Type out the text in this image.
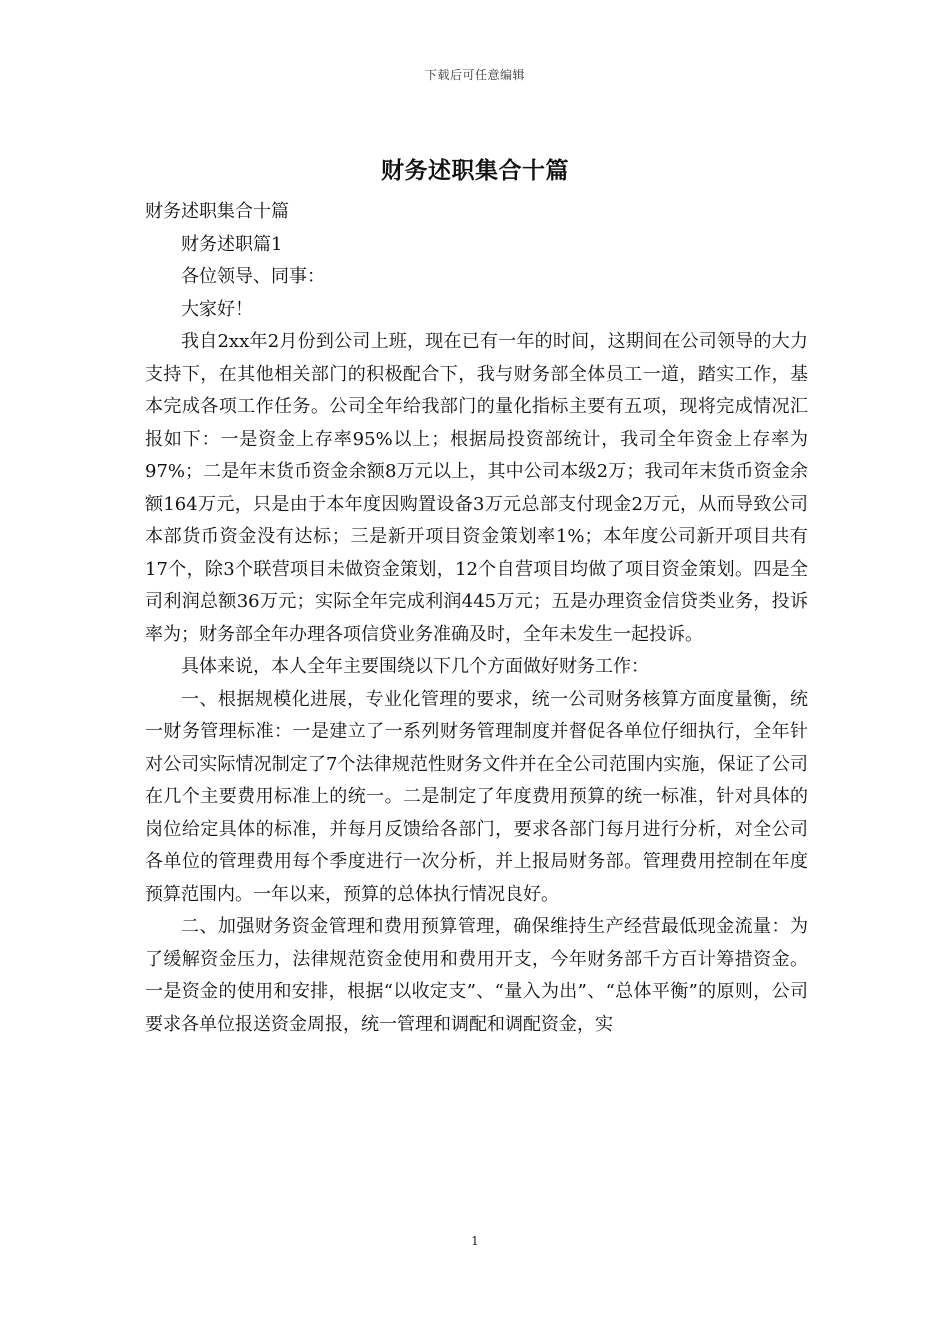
下载后可任意编辑
财务述职集合十篇

财务述职集合十篇

财务述职篇1

各位领导、同事：

大家好！

我自2xx年2月份到公司上班，现在已有一年的时间，这期间在公司领导的大力支持下，在其他相关部门的积极配合下，我与财务部全体员工一道，踏实工作，基本完成各项工作任务。公司全年给我部门的量化指标主要有五项，现将完成情况汇报如下：一是资金上存率95%以上；根据局投资部统计，我司全年资金上存率为97%；二是年末货币资金余额8万元以上，其中公司本级2万；我司年末货币资金余额164万元，只是由于本年度因购置设备3万元总部支付现金2万元，从而导致公司本部货币资金没有达标；三是新开项目资金策划率1%；本年度公司新开项目共有17个，除3个联营项目未做资金策划，12个自营项目均做了项目资金策划。四是全司利润总额36万元；实际全年完成利润445万元；五是办理资金信贷类业务，投诉率为；财务部全年办理各项信贷业务准确及时，全年未发生一起投诉。

具体来说，本人全年主要围绕以下几个方面做好财务工作：

一、根据规模化进展，专业化管理的要求，统一公司财务核算方面度量衡，统一财务管理标准：一是建立了一系列财务管理制度并督促各单位仔细执行，全年针对公司实际情况制定了7个法律规范性财务文件并在全公司范围内实施，保证了公司在几个主要费用标准上的统一。二是制定了年度费用预算的统一标准，针对具体的岗位给定具体的标准，并每月反馈给各部门，要求各部门每月进行分析，对全公司各单位的管理费用每个季度进行一次分析，并上报局财务部。管理费用控制在年度预算范围内。一年以来，预算的总体执行情况良好。

二、加强财务资金管理和费用预算管理，确保维持生产经营最低现金流量：为了缓解资金压力，法律规范资金使用和费用开支，今年财务部千方百计筹措资金。一是资金的使用和安排，根据“以收定支”、“量入为出”、“总体平衡”的原则，公司要求各单位报送资金周报，统一管理和调配和调配资金，实

1
